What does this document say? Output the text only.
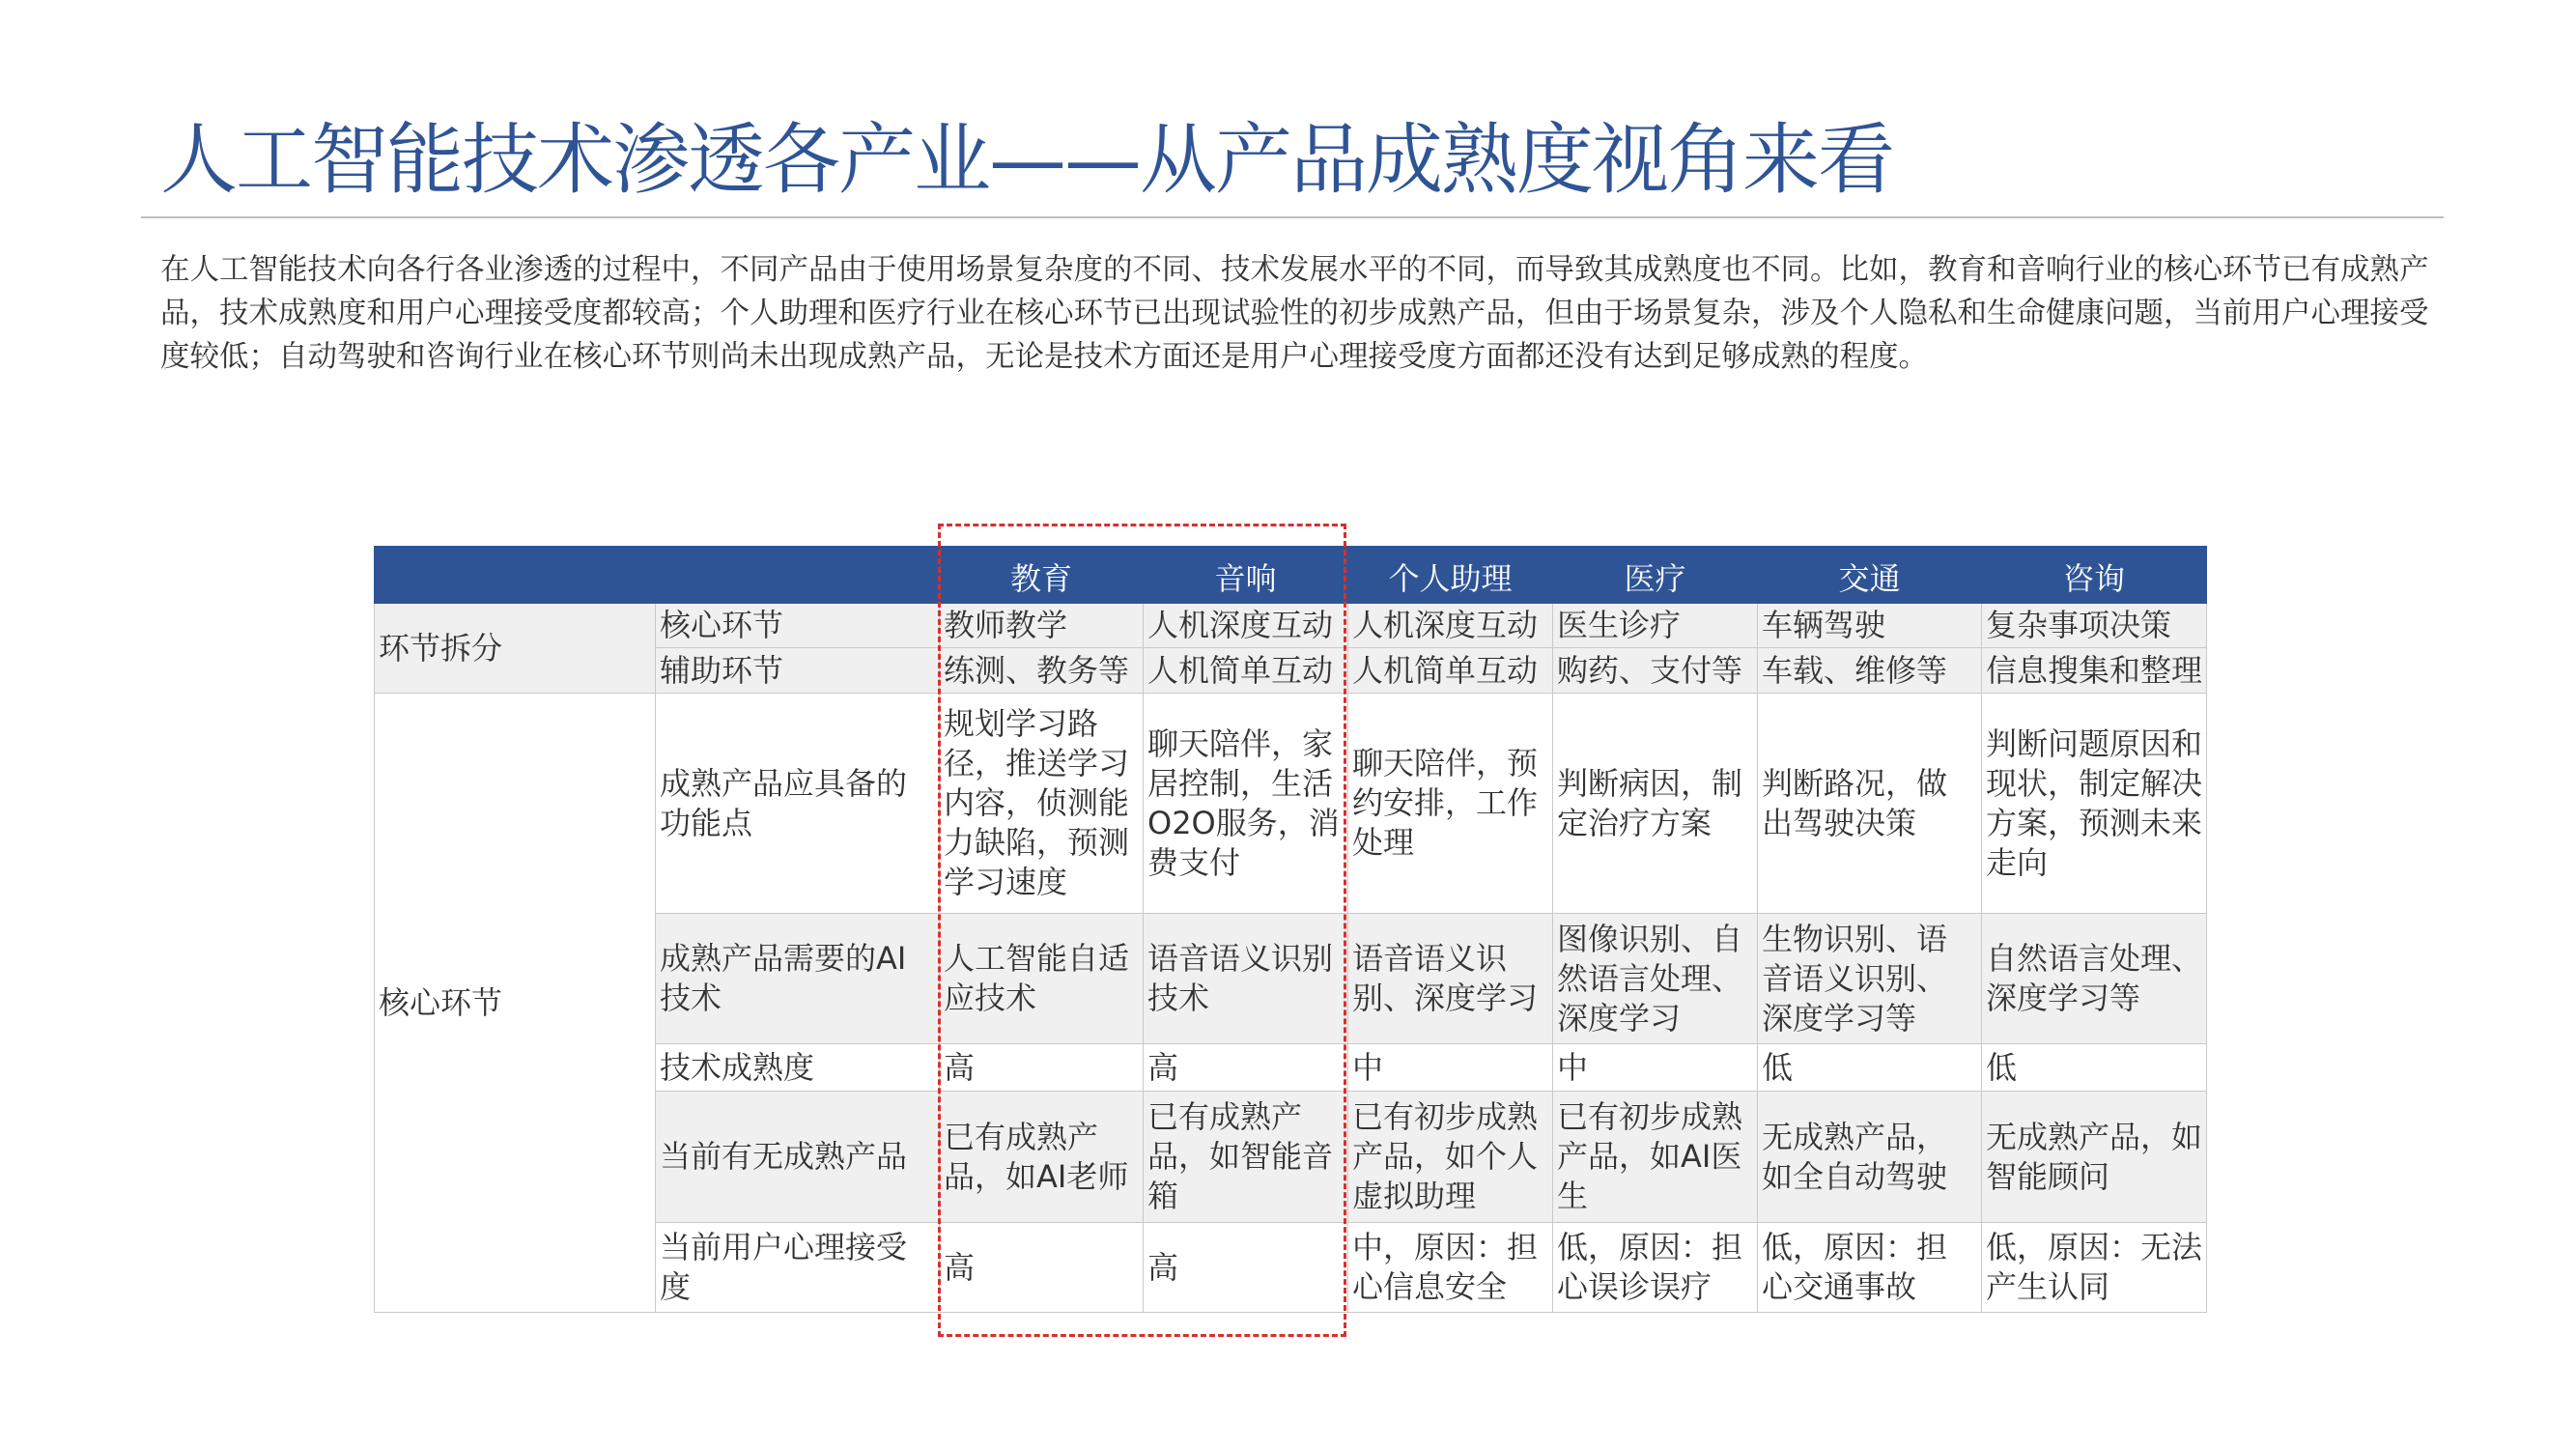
人工智能技术渗透各产业——从产品成熟度视角来看

在人工智能技术向各行各业渗透的过程中，不同产品由于使用场景复杂度的不同、技术发展水平的不同，而导致其成熟度也不同。比如，教育和音响行业的核心环节已有成熟产品，技术成熟度和用户心理接受度都较高；个人助理和医疗行业在核心环节已出现试验性的初步成熟产品，但由于场景复杂，涉及个人隐私和生命健康问题，当前用户心理接受度较低；自动驾驶和咨询行业在核心环节则尚未出现成熟产品，无论是技术方面还是用户心理接受度方面都还没有达到足够成熟的程度。

		教育	音响	个人助理	医疗	交通	咨询
环节拆分	核心环节	教师教学	人机深度互动	人机深度互动	医生诊疗	车辆驾驶	复杂事项决策
	辅助环节	练测、教务等	人机简单互动	人机简单互动	购药、支付等	车载、维修等	信息搜集和整理
核心环节	成熟产品应具备的功能点	规划学习路径，推送学习内容，侦测能力缺陷，预测学习速度	聊天陪伴，家居控制，生活O2O服务，消费支付	聊天陪伴，预约安排，工作处理	判断病因，制定治疗方案	判断路况，做出驾驶决策	判断问题原因和现状，制定解决方案，预测未来走向
	成熟产品需要的AI技术	人工智能自适应技术	语音语义识别技术	语音语义识别、深度学习	图像识别、自然语言处理、深度学习	生物识别、语音语义识别、深度学习等	自然语言处理、深度学习等
	技术成熟度	高	高	中	中	低	低
	当前有无成熟产品	已有成熟产品，如AI老师	已有成熟产品，如智能音箱	已有初步成熟产品，如个人虚拟助理	已有初步成熟产品，如AI医生	无成熟产品，如全自动驾驶	无成熟产品，如智能顾问
	当前用户心理接受度	高	高	中，原因：担心信息安全	低，原因：担心误诊误疗	低，原因：担心交通事故	低，原因：无法产生认同
